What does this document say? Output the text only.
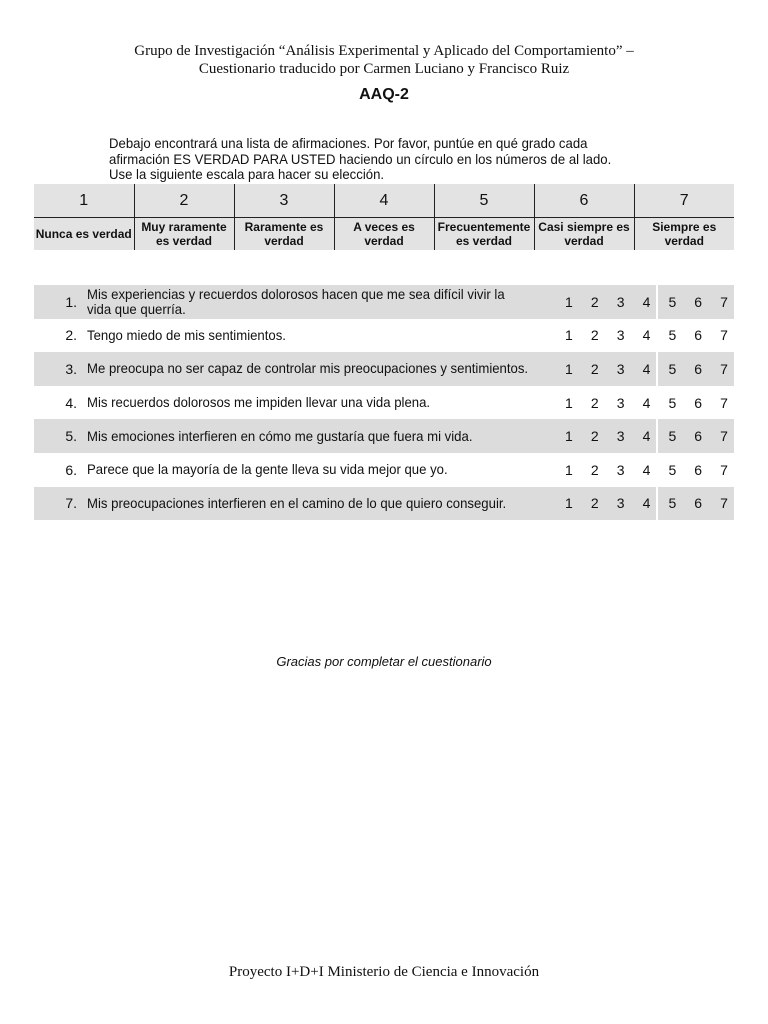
Grupo de Investigación “Análisis Experimental y Aplicado del Comportamiento” –
Cuestionario traducido por Carmen Luciano y Francisco Ruiz
AAQ-2
Debajo encontrará una lista de afirmaciones. Por favor, puntúe en qué grado cada afirmación ES VERDAD PARA USTED haciendo un círculo en los números de al lado. Use la siguiente escala para hacer su elección.
1	2	3	4	5	6	7
Nunca es verdad	Muy raramente es verdad	Raramente es verdad	A veces es verdad	Frecuentemente es verdad	Casi siempre es verdad	Siempre es verdad
1. Mis experiencias y recuerdos dolorosos hacen que me sea difícil vivir la vida que querría.	1 2 3 4 5 6 7
2. Tengo miedo de mis sentimientos.	1 2 3 4 5 6 7
3. Me preocupa no ser capaz de controlar mis preocupaciones y sentimientos.	1 2 3 4 5 6 7
4. Mis recuerdos dolorosos me impiden llevar una vida plena.	1 2 3 4 5 6 7
5. Mis emociones interfieren en cómo me gustaría que fuera mi vida.	1 2 3 4 5 6 7
6. Parece que la mayoría de la gente lleva su vida mejor que yo.	1 2 3 4 5 6 7
7. Mis preocupaciones interfieren en el camino de lo que quiero conseguir.	1 2 3 4 5 6 7
Gracias por completar el cuestionario
Proyecto I+D+I Ministerio de Ciencia e Innovación
